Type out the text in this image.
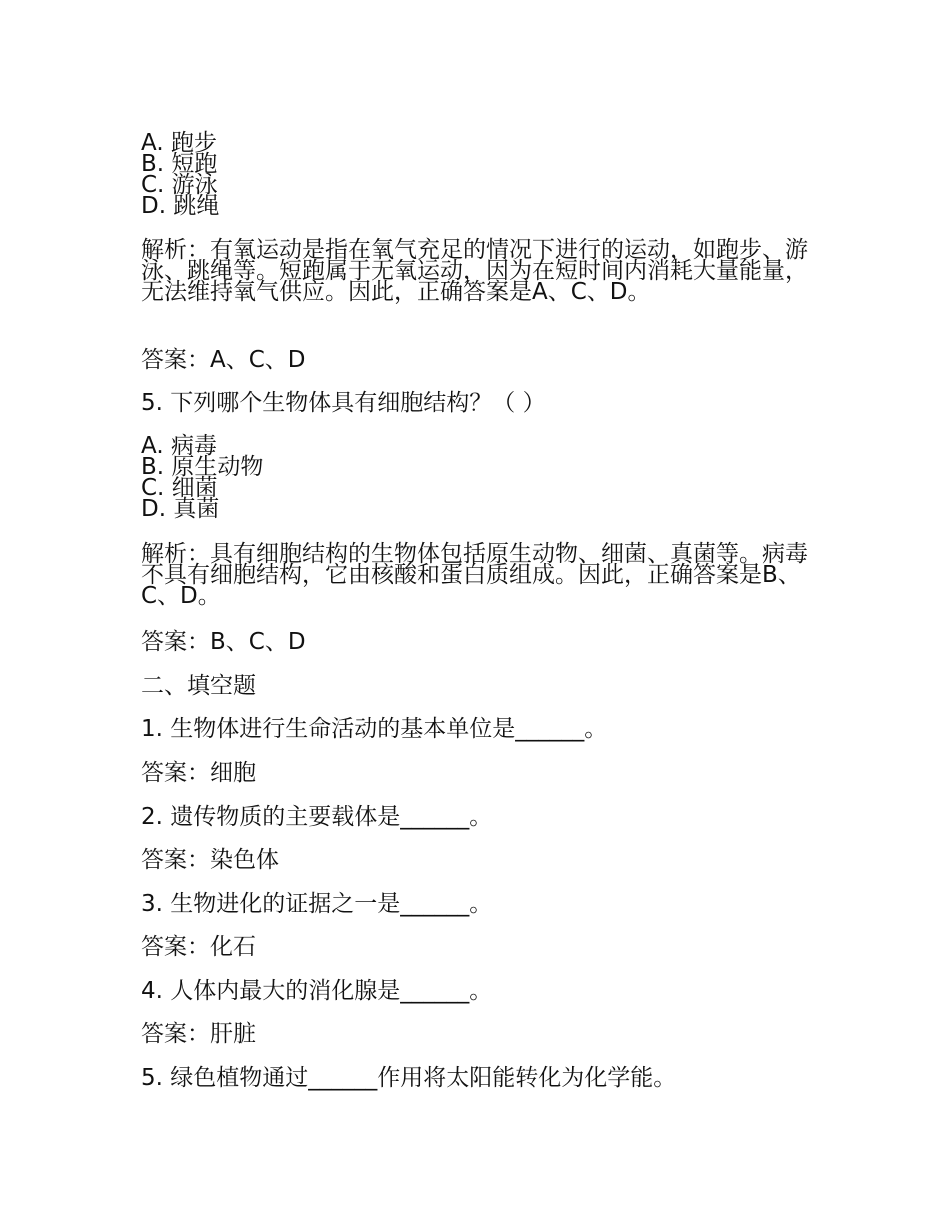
A. 跑步

B. 短跑

C. 游泳

D. 跳绳

解析：有氧运动是指在氧气充足的情况下进行的运动，如跑步、游泳、跳绳等。短跑属于无氧运动，因为在短时间内消耗大量能量，无法维持氧气供应。因此，正确答案是A、C、D。

答案：A、C、D

5. 下列哪个生物体具有细胞结构？（ ）

A. 病毒

B. 原生动物

C. 细菌

D. 真菌

解析：具有细胞结构的生物体包括原生动物、细菌、真菌等。病毒不具有细胞结构，它由核酸和蛋白质组成。因此，正确答案是B、C、D。

答案：B、C、D

二、填空题

1. 生物体进行生命活动的基本单位是______。

答案：细胞

2. 遗传物质的主要载体是______。

答案：染色体

3. 生物进化的证据之一是______。

答案：化石

4. 人体内最大的消化腺是______。

答案：肝脏

5. 绿色植物通过______作用将太阳能转化为化学能。
